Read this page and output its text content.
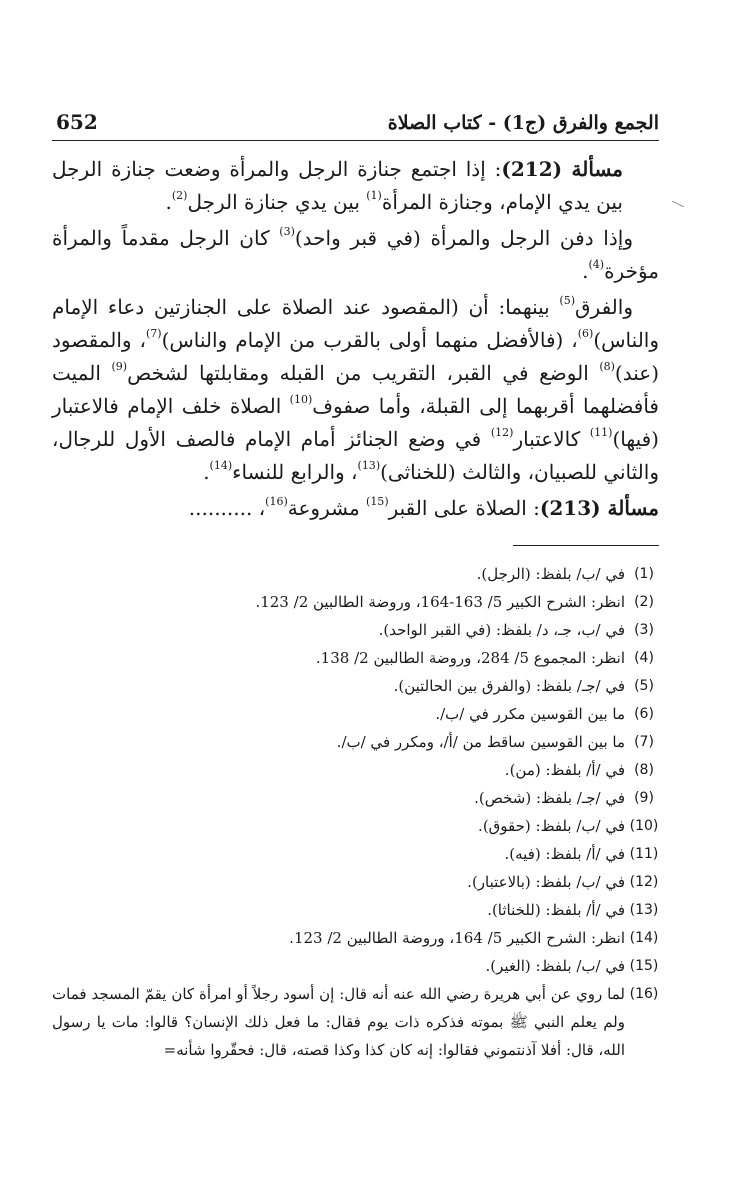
الجمع والفرق (ج1) - كتاب الصلاة
652

مسألة (212): إذا اجتمع جنازة الرجل والمرأة وضعت جنازة الرجل بين يدي الإمام، وجنازة المرأة$^{(1)}$ بين يدي جنازة الرجل$^{(2)}$.

وإذا دفن الرجل والمرأة (في قبر واحد)$^{(3)}$ كان الرجل مقدماً والمرأة مؤخرة$^{(4)}$.

والفرق$^{(5)}$ بينهما: أن (المقصود عند الصلاة على الجنازتين دعاء الإمام والناس)$^{(6)}$، (فالأفضل منهما أولى بالقرب من الإمام والناس)$^{(7)}$، والمقصود (عند)$^{(8)}$ الوضع في القبر، التقريب من القبله ومقابلتها لشخص$^{(9)}$ الميت فأفضلهما أقربهما إلى القبلة، وأما صفوف$^{(10)}$ الصلاة خلف الإمام فالاعتبار (فيها)$^{(11)}$ كالاعتبار$^{(12)}$ في وضع الجنائز أمام الإمام فالصف الأول للرجال، والثاني للصبيان، والثالث (للخناثى)$^{(13)}$، والرابع للنساء$^{(14)}$.

مسألة (213): الصلاة على القبر$^{(15)}$ مشروعة$^{(16)}$، ..........

(1)
في /ب/ بلفظ: (الرجل).
(2)
انظر: الشرح الكبير 5/ 163-164، وروضة الطالبين 2/ 123.
(3)
في /ب، جـ، د/ بلفظ: (في القبر الواحد).
(4)
انظر: المجموع 5/ 284، وروضة الطالبين 2/ 138.
(5)
في /جـ/ بلفظ: (والفرق بين الحالتين).
(6)
ما بين القوسين مكرر في /ب/.
(7)
ما بين القوسين ساقط من /أ/، ومكرر في /ب/.
(8)
في /أ/ بلفظ: (من).
(9)
في /جـ/ بلفظ: (شخص).
(10)
في /ب/ بلفظ: (حقوق).
(11)
في /أ/ بلفظ: (فيه).
(12)
في /ب/ بلفظ: (بالاعتبار).
(13)
في /أ/ بلفظ: (للخناثا).
(14)
انظر: الشرح الكبير 5/ 164، وروضة الطالبين 2/ 123.
(15)
في /ب/ بلفظ: (الغير).
(16)
لما روي عن أبي هريرة رضي الله عنه أنه قال: إن أسود رجلاً أو امرأة كان يقمّ المسجد فمات ولم يعلم النبي ﷺ بموته فذكره ذات يوم فقال: ما فعل ذلك الإنسان؟ قالوا: مات يا رسول الله، قال: أفلا آذنتموني فقالوا: إنه كان كذا وكذا قصته، قال: فحقّروا شأنه=
